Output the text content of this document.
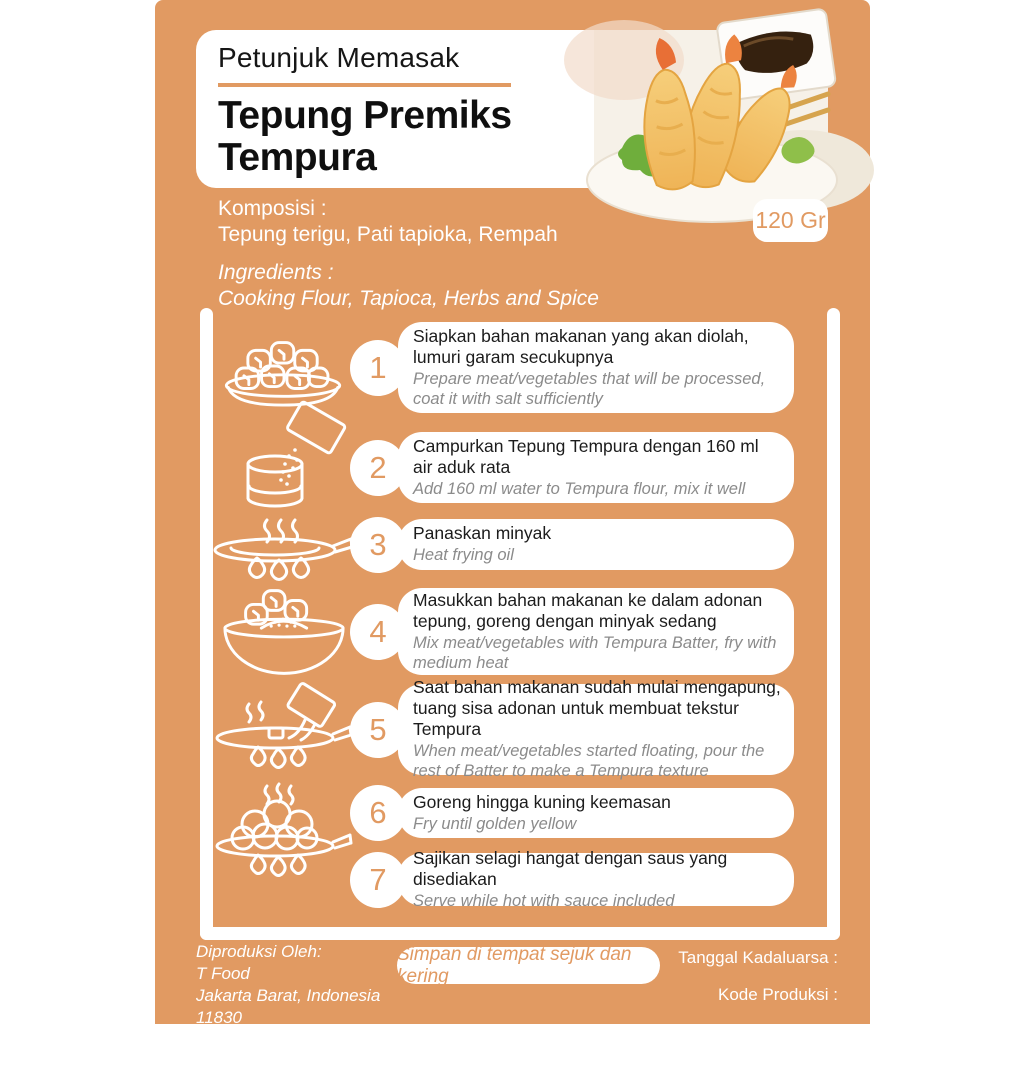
Petunjuk Memasak
Tepung Premiks Tempura
120 Gr
Komposisi :
Tepung terigu, Pati tapioka, Rempah
Ingredients :
Cooking Flour, Tapioca, Herbs and Spice
1
Siapkan bahan makanan yang akan diolah, lumuri garam secukupnya
Prepare meat/vegetables that will be processed, coat it with salt sufficiently
2
Campurkan Tepung Tempura dengan 160 ml air aduk rata
Add 160 ml water to Tempura flour, mix it well
3 Panaskan minyak
Heat frying oil
4
Masukkan bahan makanan ke dalam adonan tepung, goreng dengan minyak sedang
Mix meat/vegetables with Tempura Batter, fry with medium heat
5
Saat bahan makanan sudah mulai mengapung, tuang sisa adonan untuk membuat tekstur Tempura
When meat/vegetables started floating, pour the rest of Batter to make a Tempura texture
6 Goreng hingga kuning keemasan
Fry until golden yellow
7
Sajikan selagi hangat dengan saus yang disediakan
Serve while hot with sauce included
Diproduksi Oleh:
T Food
Jakarta Barat, Indonesia 11830
PIRT No. 2063174016001-25
Simpan di tempat sejuk dan kering
Tanggal Kadaluarsa :
Kode Produksi :
